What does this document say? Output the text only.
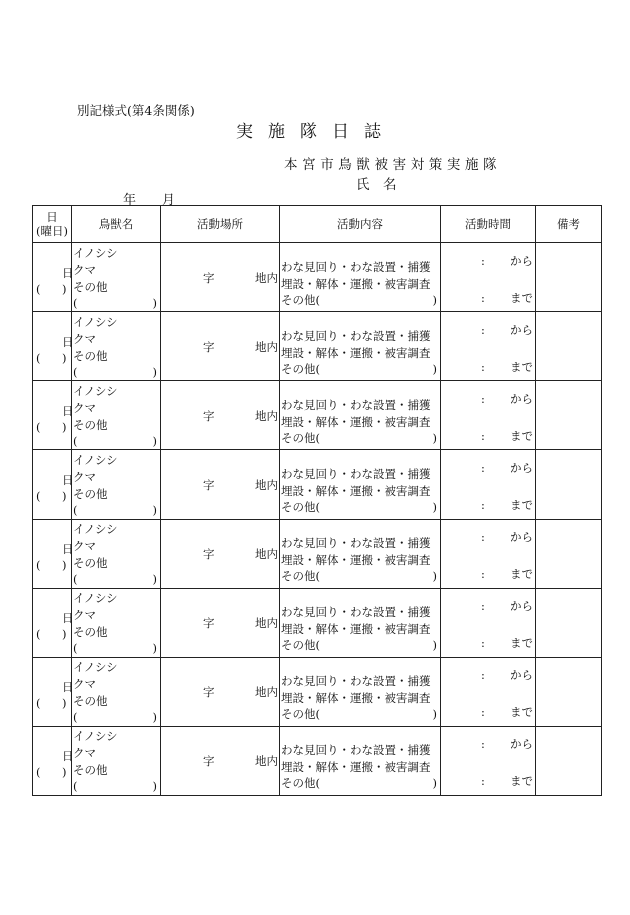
別記様式(第4条関係)
実施隊日誌
本宮市鳥獣被害対策実施隊
氏　名
年　　月
日
(曜日)	鳥獣名	活動場所	活動内容	活動時間	備考

日
( )	イノシシ
クマ
その他
( )	字 地内	わな見回り・わな設置・捕獲
埋設・解体・運搬・被害調査
その他( )	: から
: まで	

日
( )	イノシシ
クマ
その他
( )	字 地内	わな見回り・わな設置・捕獲
埋設・解体・運搬・被害調査
その他( )	: から
: まで	

日
( )	イノシシ
クマ
その他
( )	字 地内	わな見回り・わな設置・捕獲
埋設・解体・運搬・被害調査
その他( )	: から
: まで	

日
( )	イノシシ
クマ
その他
( )	字 地内	わな見回り・わな設置・捕獲
埋設・解体・運搬・被害調査
その他( )	: から
: まで	

日
( )	イノシシ
クマ
その他
( )	字 地内	わな見回り・わな設置・捕獲
埋設・解体・運搬・被害調査
その他( )	: から
: まで	

日
( )	イノシシ
クマ
その他
( )	字 地内	わな見回り・わな設置・捕獲
埋設・解体・運搬・被害調査
その他( )	: から
: まで	

日
( )	イノシシ
クマ
その他
( )	字 地内	わな見回り・わな設置・捕獲
埋設・解体・運搬・被害調査
その他( )	: から
: まで	

日
( )	イノシシ
クマ
その他
( )	字 地内	わな見回り・わな設置・捕獲
埋設・解体・運搬・被害調査
その他( )	: から
: まで	
